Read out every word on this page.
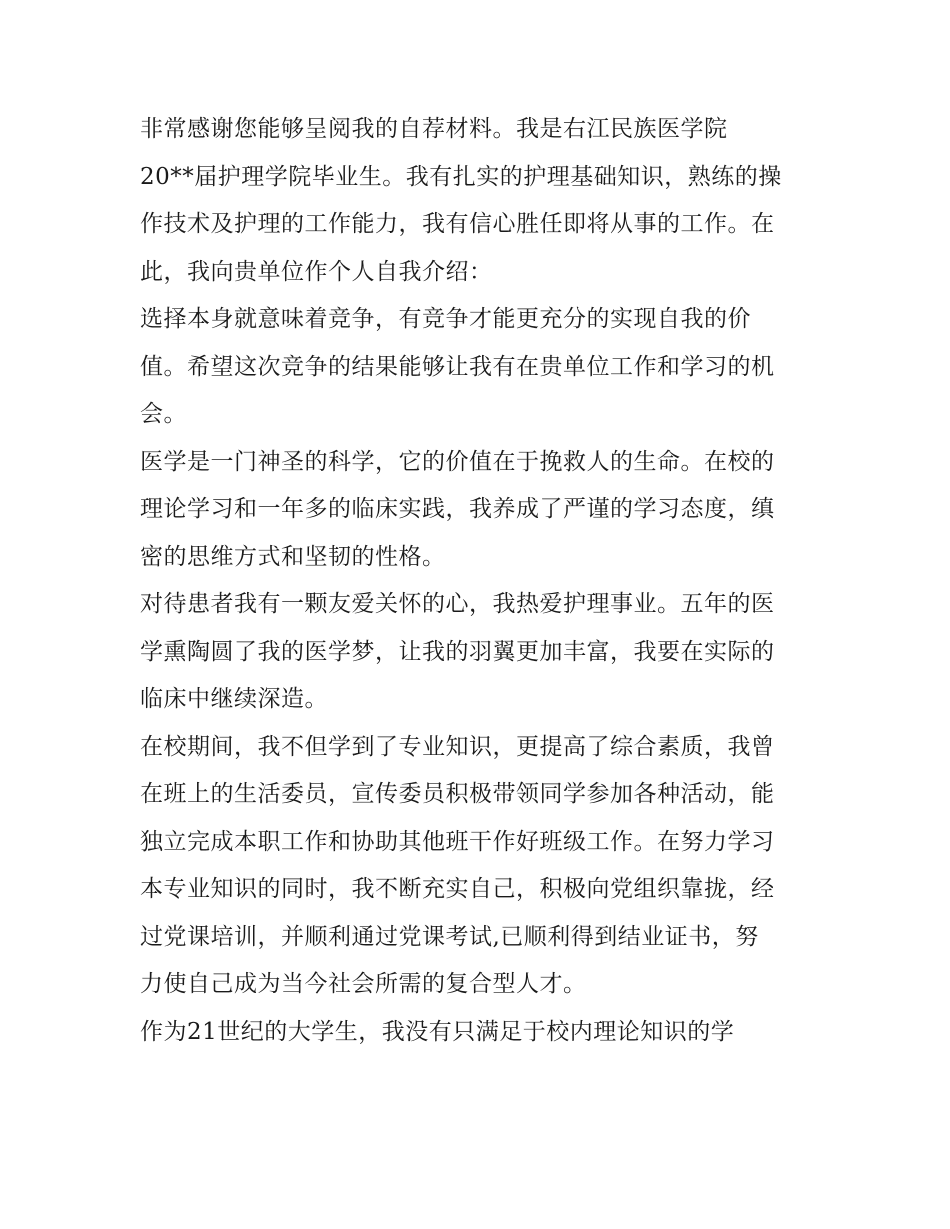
非常感谢您能够呈阅我的自荐材料。我是右江民族医学院
20**届护理学院毕业生。我有扎实的护理基础知识，熟练的操
作技术及护理的工作能力，我有信心胜任即将从事的工作。在
此，我向贵单位作个人自我介绍：
选择本身就意味着竞争，有竞争才能更充分的实现自我的价
值。希望这次竞争的结果能够让我有在贵单位工作和学习的机
会。
医学是一门神圣的科学，它的价值在于挽救人的生命。在校的
理论学习和一年多的临床实践，我养成了严谨的学习态度，缜
密的思维方式和坚韧的性格。
对待患者我有一颗友爱关怀的心，我热爱护理事业。五年的医
学熏陶圆了我的医学梦，让我的羽翼更加丰富，我要在实际的
临床中继续深造。
在校期间，我不但学到了专业知识，更提高了综合素质，我曾
在班上的生活委员，宣传委员积极带领同学参加各种活动，能
独立完成本职工作和协助其他班干作好班级工作。在努力学习
本专业知识的同时，我不断充实自己，积极向党组织靠拢，经
过党课培训，并顺利通过党课考试,已顺利得到结业证书，努
力使自己成为当今社会所需的复合型人才。
作为21世纪的大学生，我没有只满足于校内理论知识的学
